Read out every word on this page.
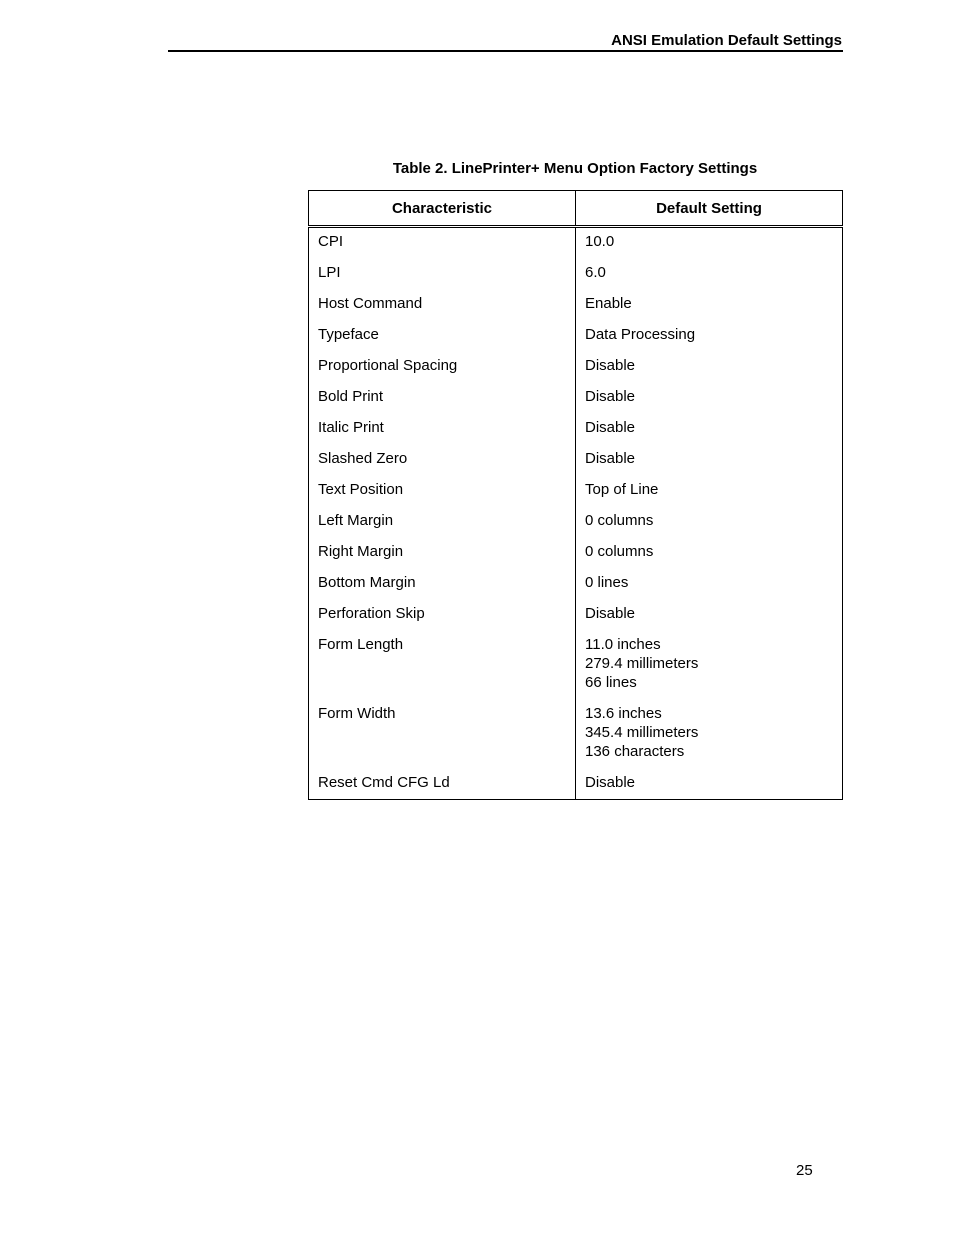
ANSI Emulation Default Settings
Table 2. LinePrinter+ Menu Option Factory Settings
Characteristic	Default Setting
CPI	10.0

LPI	6.0

Host Command	Enable

Typeface	Data Processing

Proportional Spacing	Disable

Bold Print	Disable

Italic Print	Disable

Slashed Zero	Disable

Text Position	Top of Line

Left Margin	0 columns

Right Margin	0 columns

Bottom Margin	0 lines

Perforation Skip	Disable

Form Length	11.0 inches
279.4 millimeters
66 lines

Form Width	13.6 inches
345.4 millimeters
136 characters

Reset Cmd CFG Ld	Disable
25
